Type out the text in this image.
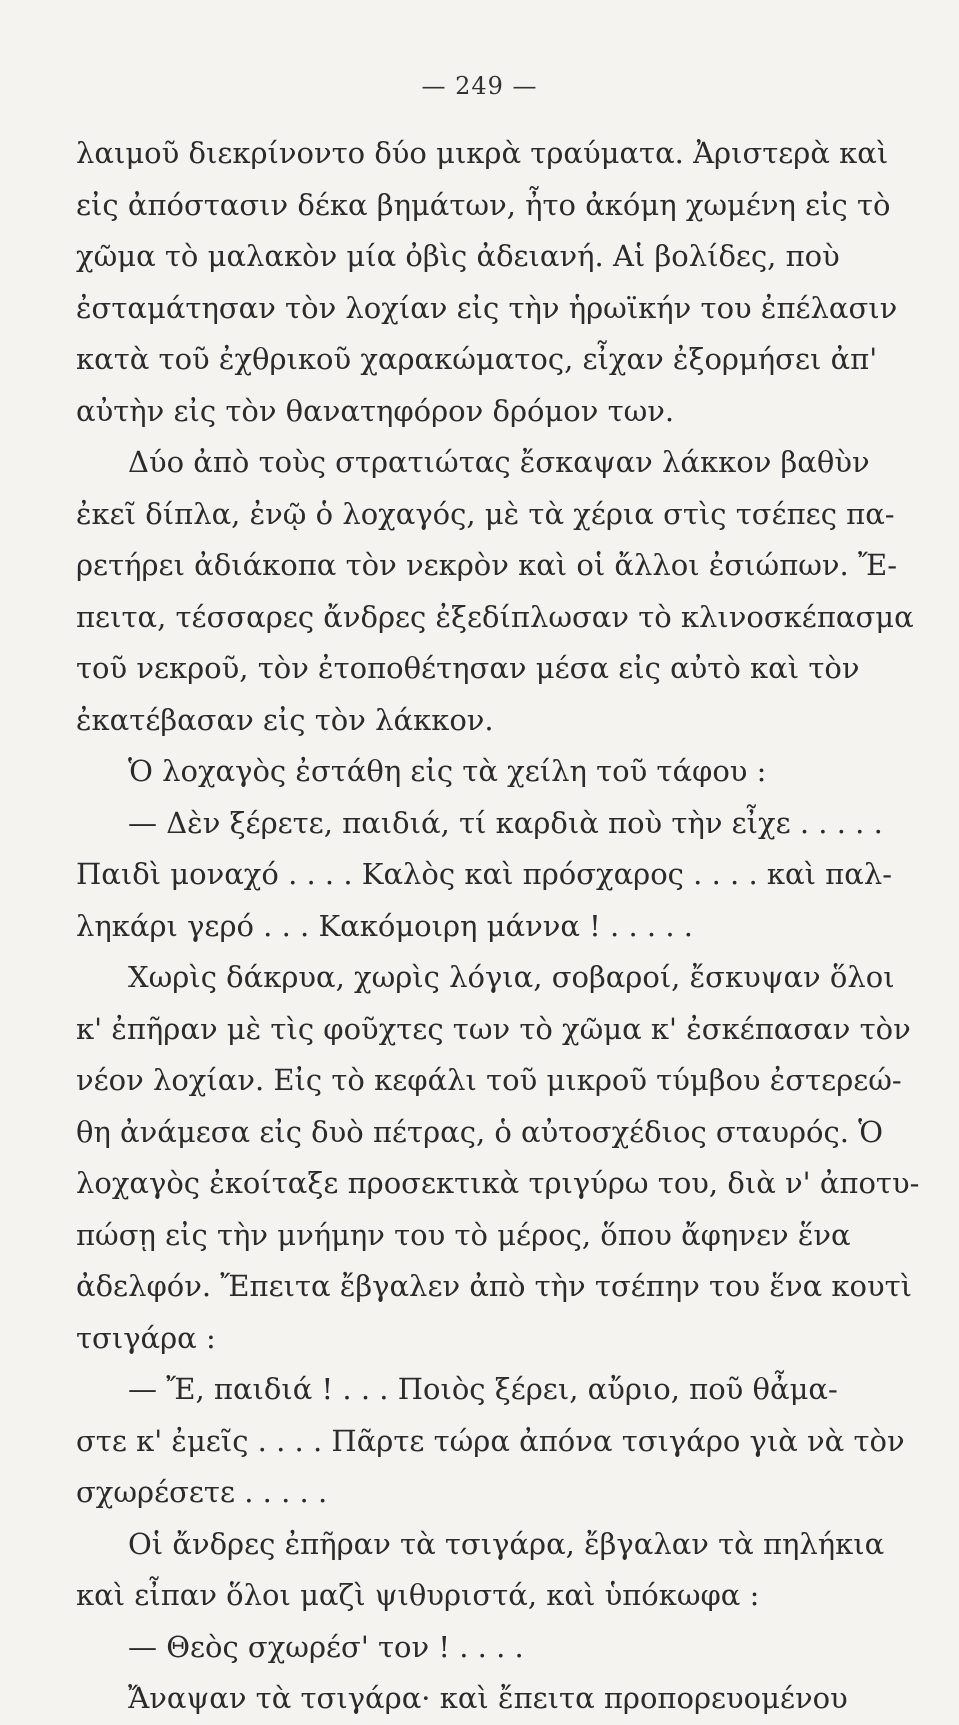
— 249 —
λαιμοῦ διεκρίνοντο δύο μικρὰ τραύματα. Ἀριστερὰ καὶ
εἰς ἀπόστασιν δέκα βημάτων, ἦτο ἀκόμη χωμένη εἰς τὸ
χῶμα τὸ μαλακὸν μία ὀβὶς ἀδειανή. Αἱ βολίδες, ποὺ
ἐσταμάτησαν τὸν λοχίαν εἰς τὴν ἡρωϊκήν του ἐπέλασιν
κατὰ τοῦ ἐχθρικοῦ χαρακώματος, εἶχαν ἐξορμήσει ἀπ'
αὐτὴν εἰς τὸν θανατηφόρον δρόμον των.
Δύο ἀπὸ τοὺς στρατιώτας ἔσκαψαν λάκκον βαθὺν
ἐκεῖ δίπλα, ἐνῷ ὁ λοχαγός, μὲ τὰ χέρια στὶς τσέπες πα-
ρετήρει ἀδιάκοπα τὸν νεκρὸν καὶ οἱ ἄλλοι ἐσιώπων. Ἔ-
πειτα, τέσσαρες ἄνδρες ἐξεδίπλωσαν τὸ κλινοσκέπασμα
τοῦ νεκροῦ, τὸν ἐτοποθέτησαν μέσα εἰς αὐτὸ καὶ τὸν
ἐκατέβασαν εἰς τὸν λάκκον.
Ὁ λοχαγὸς ἐστάθη εἰς τὰ χείλη τοῦ τάφου :
— Δὲν ξέρετε, παιδιά, τί καρδιὰ ποὺ τὴν εἶχε . . . . .
Παιδὶ μοναχό . . . . Καλὸς καὶ πρόσχαρος . . . . καὶ παλ-
ληκάρι γερό . . . Κακόμοιρη μάννα ! . . . . .
Χωρὶς δάκρυα, χωρὶς λόγια, σοβαροί, ἔσκυψαν ὅλοι
κ' ἐπῆραν μὲ τὶς φοῦχτες των τὸ χῶμα κ' ἐσκέπασαν τὸν
νέον λοχίαν. Εἰς τὸ κεφάλι τοῦ μικροῦ τύμβου ἐστερεώ-
θη ἀνάμεσα εἰς δυὸ πέτρας, ὁ αὐτοσχέδιος σταυρός. Ὁ
λοχαγὸς ἐκοίταξε προσεκτικὰ τριγύρω του, διὰ ν' ἀποτυ-
πώσῃ εἰς τὴν μνήμην του τὸ μέρος, ὅπου ἄφηνεν ἕνα
ἀδελφόν. Ἔπειτα ἔβγαλεν ἀπὸ τὴν τσέπην του ἕνα κουτὶ
τσιγάρα :
— Ἔ, παιδιά ! . . . Ποιὸς ξέρει, αὔριο, ποῦ θἆμα-
στε κ' ἐμεῖς . . . . Πᾶρτε τώρα ἀπόνα τσιγάρο γιὰ νὰ τὸν
σχωρέσετε . . . . .
Οἱ ἄνδρες ἐπῆραν τὰ τσιγάρα, ἔβγαλαν τὰ πηλήκια
καὶ εἶπαν ὅλοι μαζὶ ψιθυριστά, καὶ ὑπόκωφα :
— Θεὸς σχωρέσ' τον ! . . . .
Ἄναψαν τὰ τσιγάρα· καὶ ἔπειτα προπορευομένου
